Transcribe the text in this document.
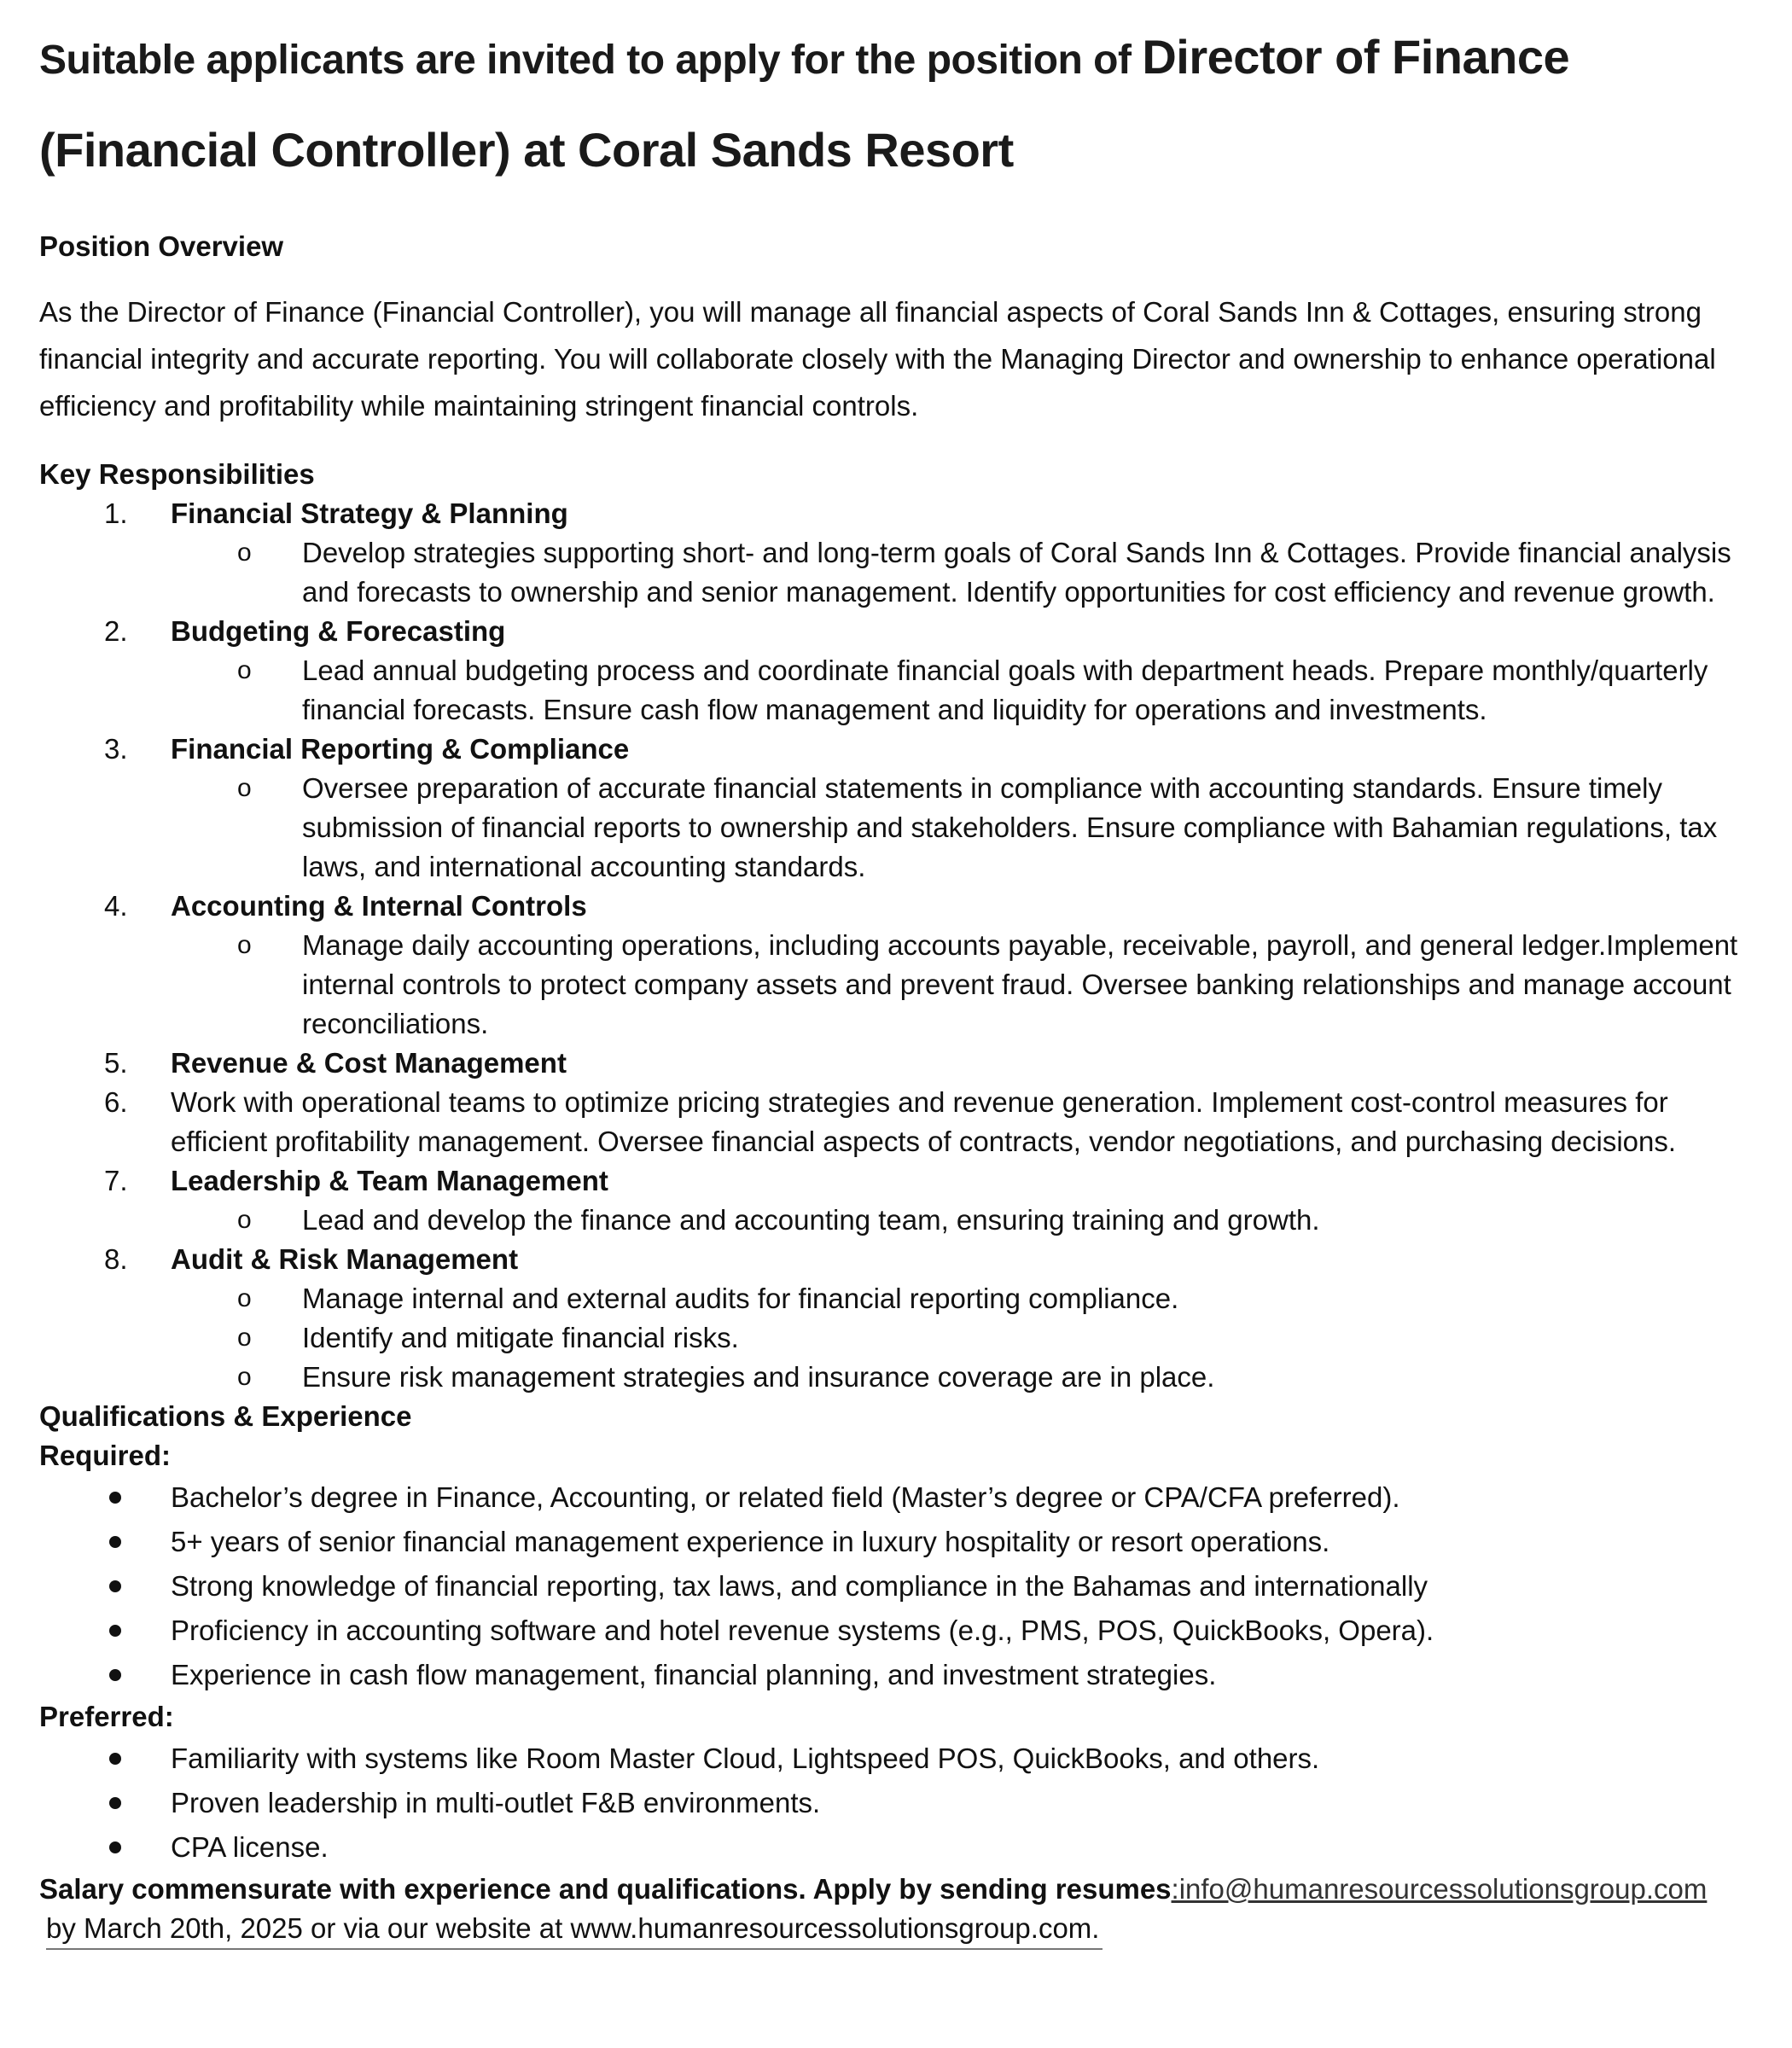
Suitable applicants are invited to apply for the position of Director of Finance (Financial Controller) at Coral Sands Resort
Position Overview
As the Director of Finance (Financial Controller), you will manage all financial aspects of Coral Sands Inn & Cottages, ensuring strong financial integrity and accurate reporting. You will collaborate closely with the Managing Director and ownership to enhance operational efficiency and profitability while maintaining stringent financial controls.
Key Responsibilities
1. Financial Strategy & Planning
o Develop strategies supporting short- and long-term goals of Coral Sands Inn & Cottages. Provide financial analysis and forecasts to ownership and senior management. Identify opportunities for cost efficiency and revenue growth.
2. Budgeting & Forecasting
o Lead annual budgeting process and coordinate financial goals with department heads. Prepare monthly/quarterly financial forecasts. Ensure cash flow management and liquidity for operations and investments.
3. Financial Reporting & Compliance
o Oversee preparation of accurate financial statements in compliance with accounting standards. Ensure timely submission of financial reports to ownership and stakeholders. Ensure compliance with Bahamian regulations, tax laws, and international accounting standards.
4. Accounting & Internal Controls
o Manage daily accounting operations, including accounts payable, receivable, payroll, and general ledger.Implement internal controls to protect company assets and prevent fraud. Oversee banking relationships and manage account reconciliations.
5. Revenue & Cost Management
6. Work with operational teams to optimize pricing strategies and revenue generation. Implement cost-control measures for efficient profitability management. Oversee financial aspects of contracts, vendor negotiations, and purchasing decisions.
7. Leadership & Team Management
o Lead and develop the finance and accounting team, ensuring training and growth.
8. Audit & Risk Management
o Manage internal and external audits for financial reporting compliance.
o Identify and mitigate financial risks.
o Ensure risk management strategies and insurance coverage are in place.
Qualifications & Experience
Required:
Bachelor’s degree in Finance, Accounting, or related field (Master’s degree or CPA/CFA preferred).
5+ years of senior financial management experience in luxury hospitality or resort operations.
Strong knowledge of financial reporting, tax laws, and compliance in the Bahamas and internationally
Proficiency in accounting software and hotel revenue systems (e.g., PMS, POS, QuickBooks, Opera).
Experience in cash flow management, financial planning, and investment strategies.
Preferred:
Familiarity with systems like Room Master Cloud, Lightspeed POS, QuickBooks, and others.
Proven leadership in multi-outlet F&B environments.
CPA license.
Salary commensurate with experience and qualifications. Apply by sending resumes:info@humanresourcessolutionsgroup.com
by March 20th, 2025 or via our website at www.humanresourcessolutionsgroup.com.
